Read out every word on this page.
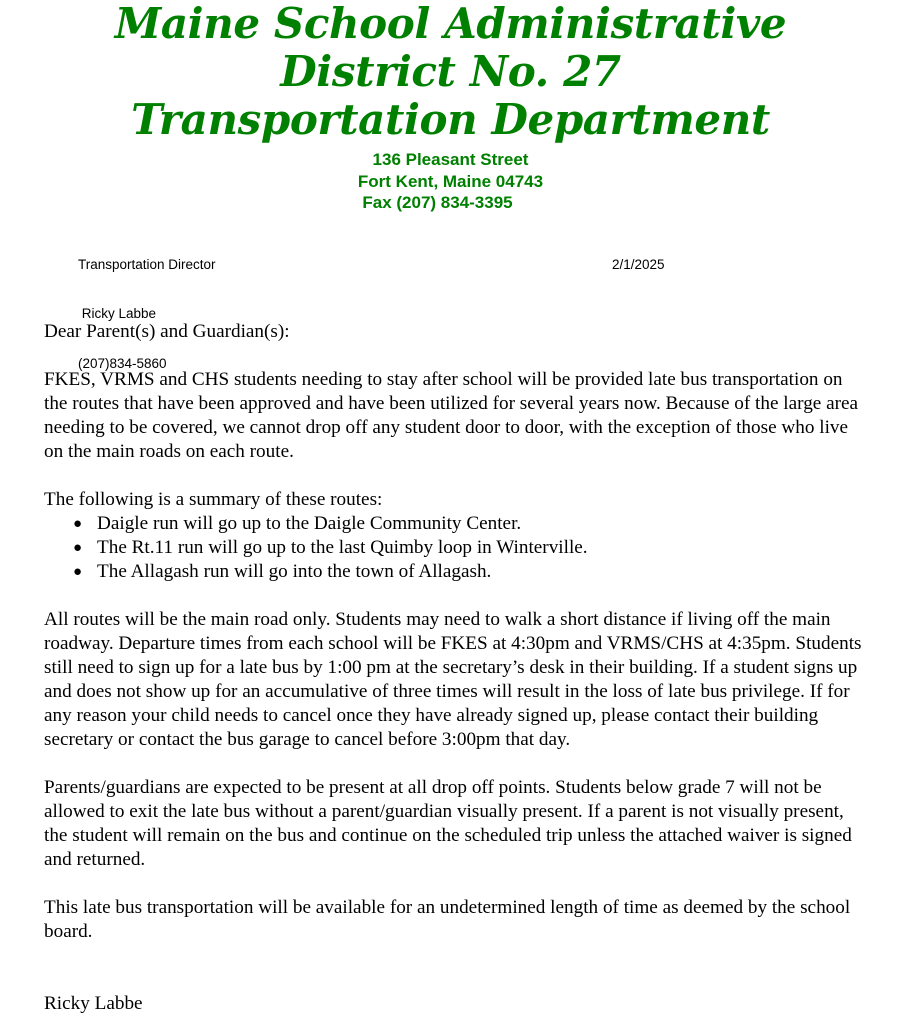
Maine School Administrative District No. 27
Transportation Department
136 Pleasant Street
Fort Kent, Maine 04743
Fax (207) 834-3395

Transportation Director

Ricky Labbe

(207)834-5860

2/1/2025

Dear Parent(s) and Guardian(s):

FKES, VRMS and CHS students needing to stay after school will be provided late bus transportation on the routes that have been approved and have been utilized for several years now. Because of the large area needing to be covered, we cannot drop off any student door to door, with the exception of those who live on the main roads on each route.

The following is a summary of these routes:

● Daigle run will go up to the Daigle Community Center.
● The Rt.11 run will go up to the last Quimby loop in Winterville.
● The Allagash run will go into the town of Allagash.

All routes will be the main road only. Students may need to walk a short distance if living off the main roadway. Departure times from each school will be FKES at 4:30pm and VRMS/CHS at 4:35pm. Students still need to sign up for a late bus by 1:00 pm at the secretary’s desk in their building. If a student signs up and does not show up for an accumulative of three times will result in the loss of late bus privilege. If for any reason your child needs to cancel once they have already signed up, please contact their building secretary or contact the bus garage to cancel before 3:00pm that day.

Parents/guardians are expected to be present at all drop off points. Students below grade 7 will not be allowed to exit the late bus without a parent/guardian visually present. If a parent is not visually present, the student will remain on the bus and continue on the scheduled trip unless the attached waiver is signed and returned.

This late bus transportation will be available for an undetermined length of time as deemed by the school board.

Ricky Labbe
